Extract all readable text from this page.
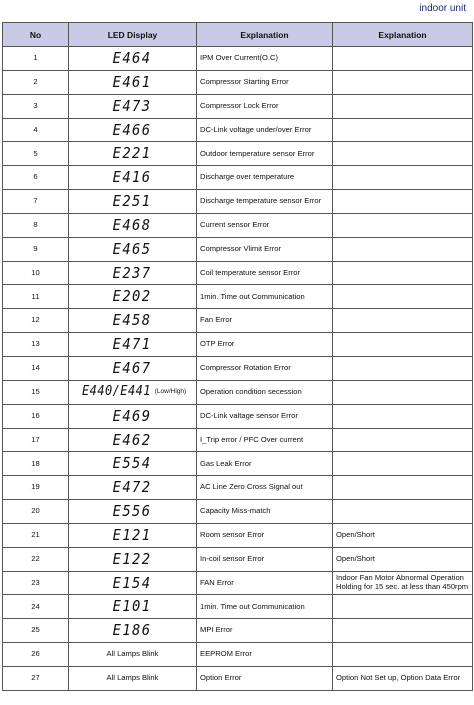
indoor unit
No	LED Display	Explanation	Explanation
1	E464	IPM Over Current(O.C)	
2	E461	Compressor Starting Error	
3	E473	Compressor Lock Error	
4	E466	DC-Link voltage under/over Error	
5	E221	Outdoor temperature sensor Error	
6	E416	Discharge over temperature	
7	E251	Discharge temperature sensor Error	
8	E468	Current sensor Error	
9	E465	Compressor Vlimit Error	
10	E237	Coil temperature sensor Error	
11	E202	1min. Time out Communication	
12	E458	Fan Error	
13	E471	OTP Error	
14	E467	Compressor Rotation Error	
15	E440/E441 (Low/High)	Operation condition secession	
16	E469	DC-Link valtage sensor Error	
17	E462	I_Trip error / PFC Over current	
18	E554	Gas Leak Error	
19	E472	AC Line Zero Cross Signal out	
20	E556	Capacity Miss-match	
21	E121	Room sensor Error	Open/Short
22	E122	In-coil sensor Error	Open/Short
23	E154	FAN Error	Indoor Fan Motor Abnormal Operation Holding for 15 sec. at less than 450rpm
24	E101	1min. Time out Communication	
25	E186	MPI Error	
26	All Lamps Blink	EEPROM Error	
27	All Lamps Blink	Option Error	Option Not Set up, Option Data Error
